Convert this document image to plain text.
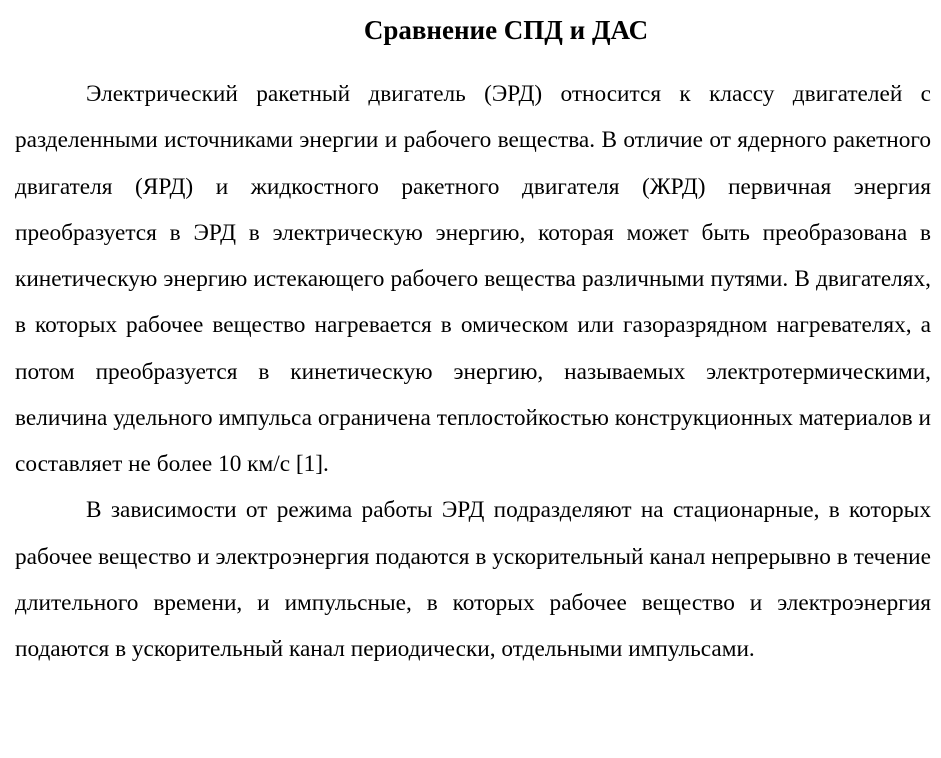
Сравнение СПД и ДАС

Электрический ракетный двигатель (ЭРД) относится к классу двигателей с разделенными источниками энергии и рабочего вещества. В отличие от ядерного ракетного двигателя (ЯРД) и жидкостного ракетного двигателя (ЖРД) первичная энергия преобразуется в ЭРД в электрическую энергию, которая может быть преобразована в кинетическую энергию истекающего рабочего вещества различными путями. В двигателях, в которых рабочее вещество нагревается в омическом или газоразрядном нагревателях, а потом преобразуется в кинетическую энергию, называемых электротермическими, величина удельного импульса ограничена теплостойкостью конструкционных материалов и составляет не более 10 км/с [1].

В зависимости от режима работы ЭРД подразделяют на стационарные, в которых рабочее вещество и электроэнергия подаются в ускорительный канал непрерывно в течение длительного времени, и импульсные, в которых рабочее вещество и электроэнергия подаются в ускорительный канал периодически, отдельными импульсами.
